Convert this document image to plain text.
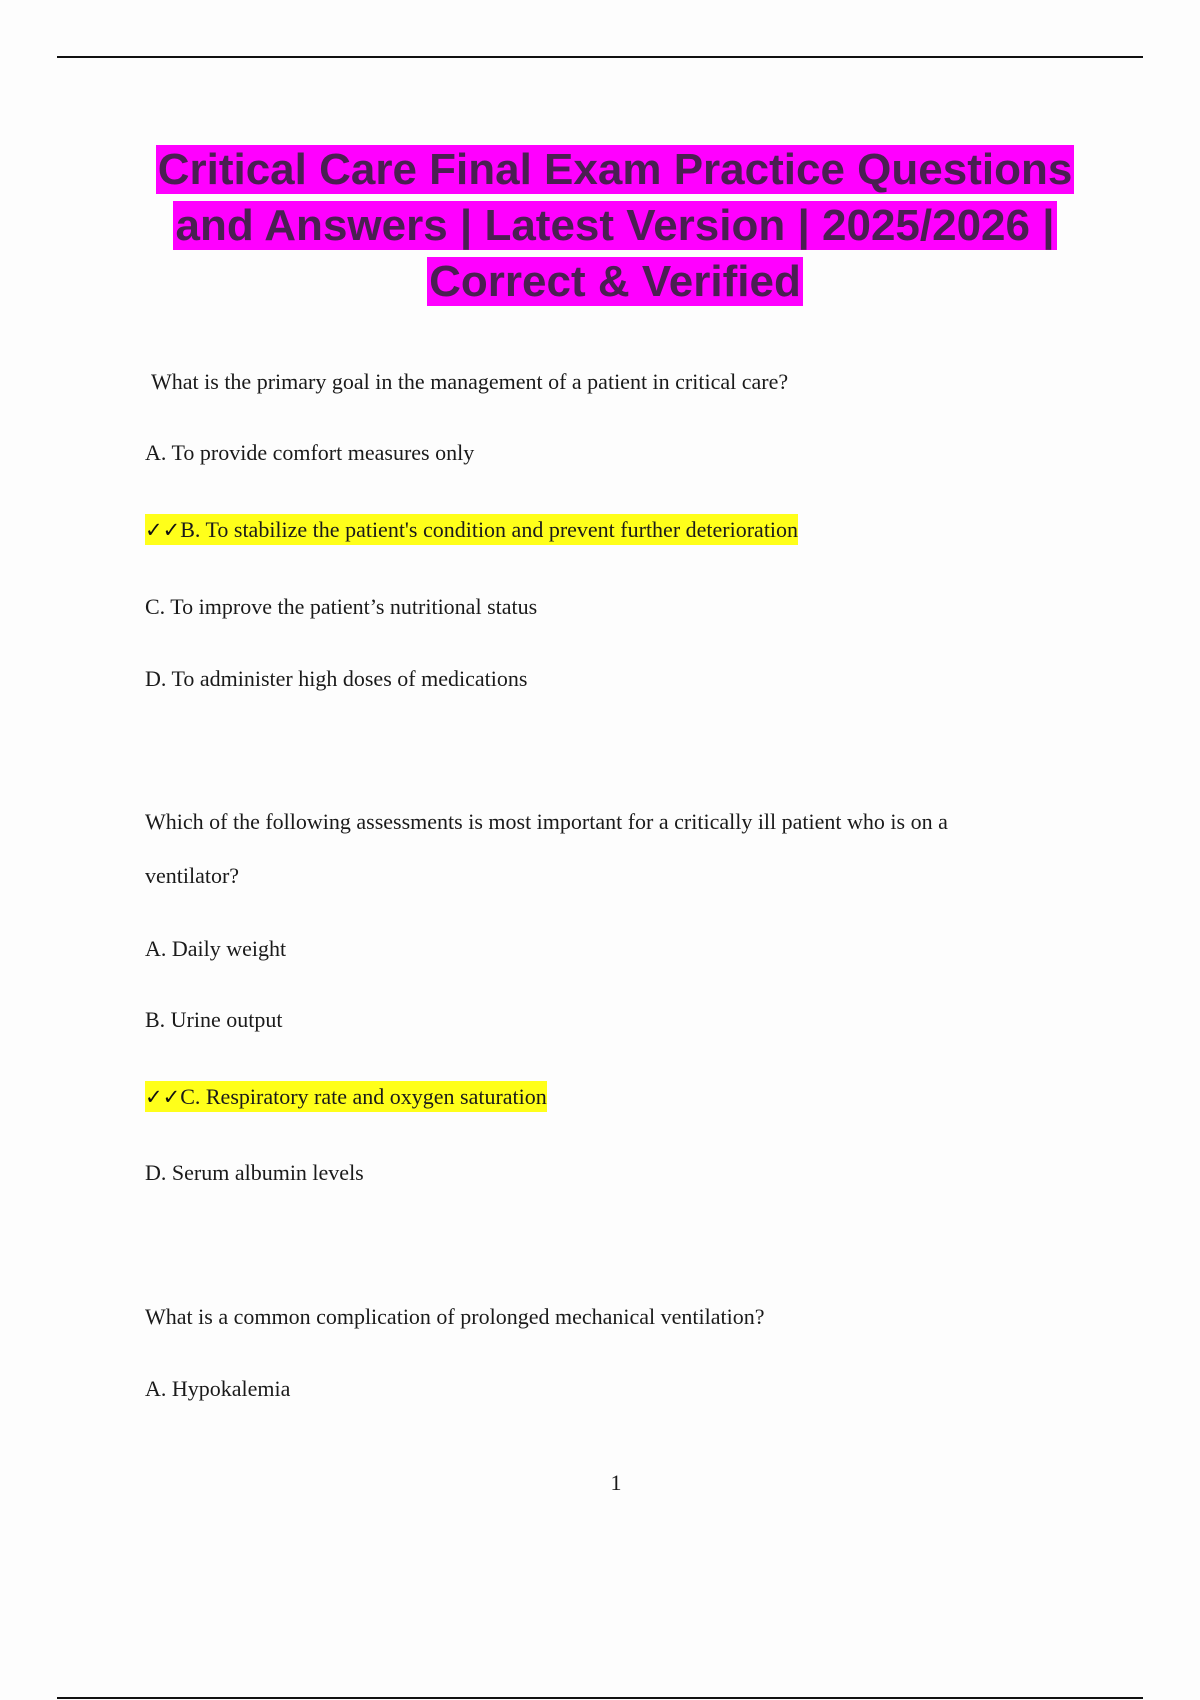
Critical Care Final Exam Practice Questions and Answers | Latest Version | 2025/2026 | Correct & Verified

What is the primary goal in the management of a patient in critical care?

A. To provide comfort measures only

✓✓B. To stabilize the patient's condition and prevent further deterioration

C. To improve the patient’s nutritional status

D. To administer high doses of medications

Which of the following assessments is most important for a critically ill patient who is on a ventilator?

A. Daily weight

B. Urine output

✓✓C. Respiratory rate and oxygen saturation

D. Serum albumin levels

What is a common complication of prolonged mechanical ventilation?

A. Hypokalemia

1
